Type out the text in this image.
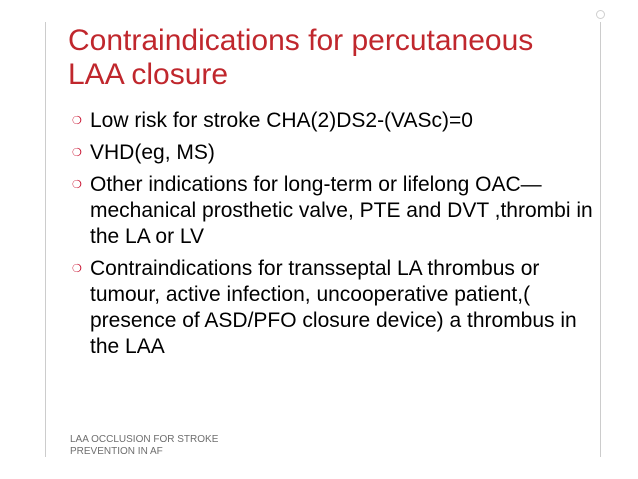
Contraindications for percutaneous LAA closure
❍ Low risk for stroke CHA(2)DS2-(VASc)=0
❍ VHD(eg, MS)
❍ Other indications for long-term or lifelong OAC—mechanical prosthetic valve, PTE and DVT ,thrombi in the LA or LV
❍ Contraindications for transseptal LA thrombus or tumour, active infection, uncooperative patient,( presence of ASD/PFO closure device) a thrombus in the LAA
LAA OCCLUSION FOR STROKE
PREVENTION IN AF
